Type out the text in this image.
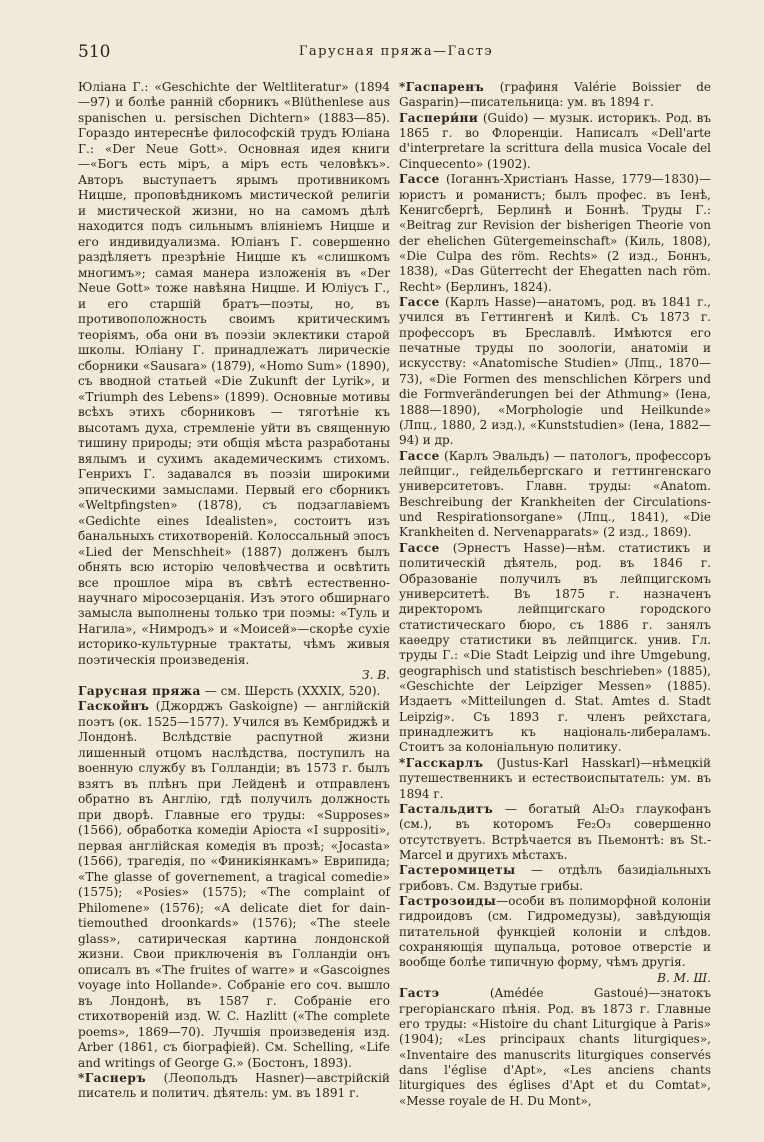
510	Гарусная пряжа—Гастэ

Юліана Г.: «Geschichte der Weltliteratur» (1894—97) и болѣе ранній сборникъ «Blüthenlese aus spanischen u. persischen Dichtern» (1883—85). Гораздо интереснѣе философскій трудъ Юліана Г.: «Der Neue Gott». Основная идея книги—«Богъ есть міръ, а міръ есть человѣкъ». Авторъ выступаетъ ярымъ противникомъ Ницше, проповѣдникомъ мистической религіи и мистической жизни, но на самомъ дѣлѣ находится подъ сильнымъ вліяніемъ Ницше и его индивидуализма. Юліанъ Г. совершенно раздѣляетъ презрѣніе Ницше къ «слишкомъ многимъ»; самая манера изложенія въ «Der Neue Gott» тоже навѣяна Ницше. И Юліусъ Г., и его старшій братъ—поэты, но, въ противоположность своимъ критическимъ теоріямъ, оба они въ поэзіи эклектики старой школы. Юліану Г. принадлежатъ лирическіе сборники «Sausara» (1879), «Homo Sum» (1890), съ вводной статьей «Die Zukunft der Lyrik», и «Triumph des Lebens» (1899). Основные мотивы всѣхъ этихъ сборниковъ — тяготѣніе къ высотамъ духа, стремленіе уйти въ священную тишину природы; эти общія мѣста разработаны вялымъ и сухимъ академическимъ стихомъ. Генрихъ Г. задавался въ поэзіи широкими эпическими замыслами. Первый его сборникъ «Weltpfingsten» (1878), съ подзаглавіемъ «Gedichte eines Idealisten», состоитъ изъ банальныхъ стихотвореній. Колоссальный эпосъ «Lied der Menschheit» (1887) долженъ былъ обнять всю исторію человѣчества и освѣтить все прошлое міра въ свѣтѣ естественно-научнаго міросозерцанія. Изъ этого обширнаго замысла выполнены только три поэмы: «Туль и Нагила», «Нимродъ» и «Моисей»—скорѣе сухіе историко-культурные трактаты, чѣмъ живыя поэтическія произведенія.
З. В.

Гарусная пряжа — см. Шерсть (XXXIX, 520).

Гаскойнъ (Джорджъ Gaskoigne) — англійскій поэтъ (ок. 1525—1577). Учился въ Кембриджѣ и Лондонѣ. Вслѣдствіе распутной жизни лишенный отцомъ наслѣдства, поступилъ на военную службу въ Голландіи; въ 1573 г. былъ взятъ въ плѣнъ при Лейденѣ и отправленъ обратно въ Англію, гдѣ получилъ должность при дворѣ. Главные его труды: «Supposes» (1566), обработка комедіи Аріоста «I suppositi», первая англійская комедія въ прозѣ; «Jocasta» (1566), трагедія, по «Финикіянкамъ» Еврипида; «The glasse of governement, a tragical comedie» (1575); «Posies» (1575); «The complaint of Philomene» (1576); «A delicate diet for dain-tiemouthed droonkards» (1576); «The steele glass», сатирическая картина лондонской жизни. Свои приключенія въ Голландіи онъ описалъ въ «The fruites of warre» и «Gascoignes voyage into Hollande». Собраніе его соч. вышло въ Лондонѣ, въ 1587 г. Собраніе его стихотвореній изд. W. C. Hazlitt («The complete poems», 1869—70). Лучшія произведенія изд. Arber (1861, съ біографіей). См. Schelling, «Life and writings of George G.» (Бостонъ, 1893).

*Гаснеръ (Леопольдъ Hasner)—австрійскій писатель и политич. дѣятель: ум. въ 1891 г.

*Гаспаренъ (графиня Valérie Boissier de Gasparin)—писательница: ум. въ 1894 г.

Гаспери́ни (Guido) — музык. историкъ. Род. въ 1865 г. во Флоренціи. Написалъ «Dell'arte d'interpretare la scrittura della musica Vocale del Cinquecento» (1902).

Гассе (Іоганнъ-Христіанъ Hasse, 1779—1830)—юристъ и романистъ; былъ профес. въ Іенѣ, Кенигсбергѣ, Берлинѣ и Боннѣ. Труды Г.: «Beitrag zur Revision der bisherigen Theorie von der ehelichen Gütergemeinschaft» (Киль, 1808), «Die Culpa des röm. Rechts» (2 изд., Боннъ, 1838), «Das Güterrecht der Ehegatten nach röm. Recht» (Берлинъ, 1824).

Гассе (Карлъ Hasse)—анатомъ, род. въ 1841 г., учился въ Геттингенѣ и Килѣ. Съ 1873 г. профессоръ въ Бреславлѣ. Имѣются его печатные труды по зоологіи, анатоміи и искусству: «Anatomische Studien» (Лпц., 1870—73), «Die Formen des menschlichen Körpers und die Formveränderungen bei der Athmung» (Іена, 1888—1890), «Morphologie und Heilkunde» (Лпц., 1880, 2 изд.), «Kunststudien» (Іена, 1882—94) и др.

Гассе (Карлъ Эвальдъ) — патологъ, профессоръ лейпциг., гейдельбергскаго и геттингенскаго университетовъ. Главн. труды: «Anatom. Beschreibung der Krankheiten der Circulations- und Respirationsorgane» (Лпц., 1841), «Die Krankheiten d. Nervenapparats» (2 изд., 1869).

Гассе (Эрнестъ Hasse)—нѣм. статистикъ и политическій дѣятель, род. въ 1846 г. Образованіе получилъ въ лейпцигскомъ университетѣ. Въ 1875 г. назначенъ директоромъ лейпцигскаго городского статистическаго бюро, съ 1886 г. занялъ каѳедру статистики въ лейпцигск. унив. Гл. труды Г.: «Die Stadt Leipzig und ihre Umgebung, geographisch und statistisch beschrieben» (1885), «Geschichte der Leipziger Messen» (1885). Издаетъ «Mitteilungen d. Stat. Amtes d. Stadt Leipzig». Съ 1893 г. членъ рейхстага, принадлежитъ къ національ-либераламъ. Стоитъ за колоніальную политику.

*Гасскарлъ (Justus-Karl Hasskarl)—нѣмецкій путешественникъ и естествоиспытатель: ум. въ 1894 г.

Гастальдитъ — богатый Al₂O₃ глаукофанъ (см.), въ которомъ Fe₂O₃ совершенно отсутствуетъ. Встрѣчается въ Пьемонтѣ: въ St.-Marcel и другихъ мѣстахъ.

Гастеромицеты — отдѣлъ базидіальныхъ грибовъ. См. Вздутые грибы.

Гастрозоиды—особи въ полиморфной колоніи гидроидовъ (см. Гидромедузы), завѣдующія питательной функціей колоніи и слѣдов. сохраняющія щупальца, ротовое отверстіе и вообще болѣе типичную форму, чѣмъ другія.
В. М. Ш.

Гастэ (Amédée Gastoué)—знатокъ грегоріанскаго пѣнія. Род. въ 1873 г. Главные его труды: «Histoire du chant Liturgique à Paris» (1904); «Les principaux chants liturgiques», «Inventaire des manuscrits liturgiques conservés dans l'église d'Apt», «Les anciens chants liturgiques des églises d'Apt et du Comtat», «Messe royale de H. Du Mont»,
